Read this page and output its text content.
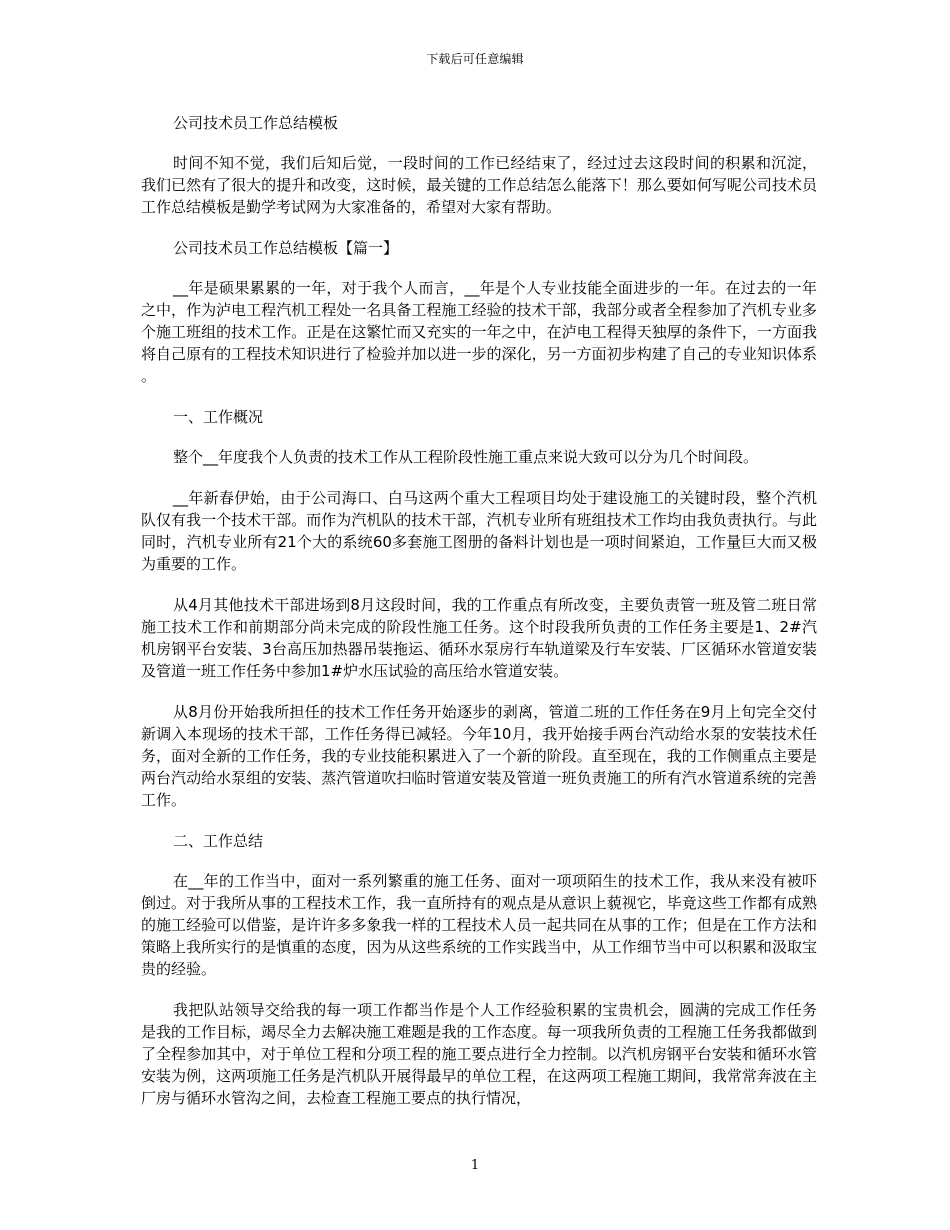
下载后可任意编辑

公司技术员工作总结模板

时间不知不觉，我们后知后觉，一段时间的工作已经结束了，经过过去这段时间的积累和沉淀，我们已然有了很大的提升和改变，这时候，最关键的工作总结怎么能落下！那么要如何写呢公司技术员工作总结模板是勤学考试网为大家准备的，希望对大家有帮助。

公司技术员工作总结模板【篇一】

__年是硕果累累的一年，对于我个人而言，__年是个人专业技能全面进步的一年。在过去的一年之中，作为泸电工程汽机工程处一名具备工程施工经验的技术干部，我部分或者全程参加了汽机专业多个施工班组的技术工作。正是在这繁忙而又充实的一年之中，在泸电工程得天独厚的条件下，一方面我将自己原有的工程技术知识进行了检验并加以进一步的深化，另一方面初步构建了自己的专业知识体系。

一、工作概况

整个__年度我个人负责的技术工作从工程阶段性施工重点来说大致可以分为几个时间段。

__年新春伊始，由于公司海口、白马这两个重大工程项目均处于建设施工的关键时段，整个汽机队仅有我一个技术干部。而作为汽机队的技术干部，汽机专业所有班组技术工作均由我负责执行。与此同时，汽机专业所有21个大的系统60多套施工图册的备料计划也是一项时间紧迫，工作量巨大而又极为重要的工作。

从4月其他技术干部进场到8月这段时间，我的工作重点有所改变，主要负责管一班及管二班日常施工技术工作和前期部分尚未完成的阶段性施工任务。这个时段我所负责的工作任务主要是1、2#汽机房钢平台安装、3台高压加热器吊装拖运、循环水泵房行车轨道梁及行车安装、厂区循环水管道安装及管道一班工作任务中参加1#炉水压试验的高压给水管道安装。

从8月份开始我所担任的技术工作任务开始逐步的剥离，管道二班的工作任务在9月上旬完全交付新调入本现场的技术干部，工作任务得已减轻。今年10月，我开始接手两台汽动给水泵的安装技术任务，面对全新的工作任务，我的专业技能积累进入了一个新的阶段。直至现在，我的工作侧重点主要是两台汽动给水泵组的安装、蒸汽管道吹扫临时管道安装及管道一班负责施工的所有汽水管道系统的完善工作。

二、工作总结

在__年的工作当中，面对一系列繁重的施工任务、面对一项项陌生的技术工作，我从来没有被吓倒过。对于我所从事的工程技术工作，我一直所持有的观点是从意识上藐视它，毕竟这些工作都有成熟的施工经验可以借鉴，是许许多多象我一样的工程技术人员一起共同在从事的工作；但是在工作方法和策略上我所实行的是慎重的态度，因为从这些系统的工作实践当中，从工作细节当中可以积累和汲取宝贵的经验。

我把队站领导交给我的每一项工作都当作是个人工作经验积累的宝贵机会，圆满的完成工作任务是我的工作目标，竭尽全力去解决施工难题是我的工作态度。每一项我所负责的工程施工任务我都做到了全程参加其中，对于单位工程和分项工程的施工要点进行全力控制。以汽机房钢平台安装和循环水管安装为例，这两项施工任务是汽机队开展得最早的单位工程，在这两项工程施工期间，我常常奔波在主厂房与循环水管沟之间，去检查工程施工要点的执行情况，

1
